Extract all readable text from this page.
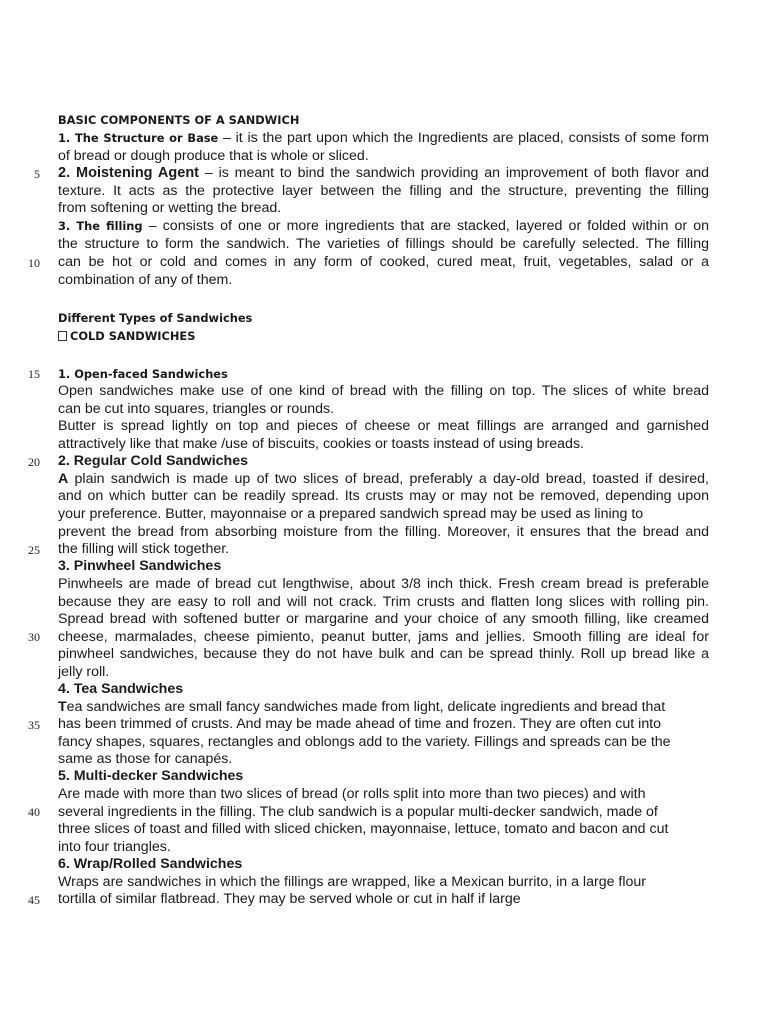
5
10
15
20
25
30
35
40
45
BASIC COMPONENTS OF A SANDWICH
1. The Structure or Base – it is the part upon which the Ingredients are placed, consists of some form
of bread or dough produce that is whole or sliced.
2. Moistening Agent – is meant to bind the sandwich providing an improvement of both flavor and
texture. It acts as the protective layer between the filling and the structure, preventing the filling
from softening or wetting the bread.
3. The filling – consists of one or more ingredients that are stacked, layered or folded within or on
the structure to form the sandwich. The varieties of fillings should be carefully selected. The filling
can be hot or cold and comes in any form of cooked, cured meat, fruit, vegetables, salad or a
combination of any of them.
Different Types of Sandwiches
COLD SANDWICHES
1. Open-faced Sandwiches
Open sandwiches make use of one kind of bread with the filling on top. The slices of white bread
can be cut into squares, triangles or rounds.
Butter is spread lightly on top and pieces of cheese or meat fillings are arranged and garnished
attractively like that make /use of biscuits, cookies or toasts instead of using breads.
2. Regular Cold Sandwiches
A plain sandwich is made up of two slices of bread, preferably a day-old bread, toasted if desired,
and on which butter can be readily spread. Its crusts may or may not be removed, depending upon
your preference. Butter, mayonnaise or a prepared sandwich spread may be used as lining to
prevent the bread from absorbing moisture from the filling. Moreover, it ensures that the bread and
the filling will stick together.
3. Pinwheel Sandwiches
Pinwheels are made of bread cut lengthwise, about 3/8 inch thick. Fresh cream bread is preferable
because they are easy to roll and will not crack. Trim crusts and flatten long slices with rolling pin.
Spread bread with softened butter or margarine and your choice of any smooth filling, like creamed
cheese, marmalades, cheese pimiento, peanut butter, jams and jellies. Smooth filling are ideal for
pinwheel sandwiches, because they do not have bulk and can be spread thinly. Roll up bread like a
jelly roll.
4. Tea Sandwiches
Tea sandwiches are small fancy sandwiches made from light, delicate ingredients and bread that
has been trimmed of crusts. And may be made ahead of time and frozen. They are often cut into
fancy shapes, squares, rectangles and oblongs add to the variety. Fillings and spreads can be the
same as those for canapés.
5. Multi-decker Sandwiches
Are made with more than two slices of bread (or rolls split into more than two pieces) and with
several ingredients in the filling. The club sandwich is a popular multi-decker sandwich, made of
three slices of toast and filled with sliced chicken, mayonnaise, lettuce, tomato and bacon and cut
into four triangles.
6. Wrap/Rolled Sandwiches
Wraps are sandwiches in which the fillings are wrapped, like a Mexican burrito, in a large flour
tortilla of similar flatbread. They may be served whole or cut in half if large
